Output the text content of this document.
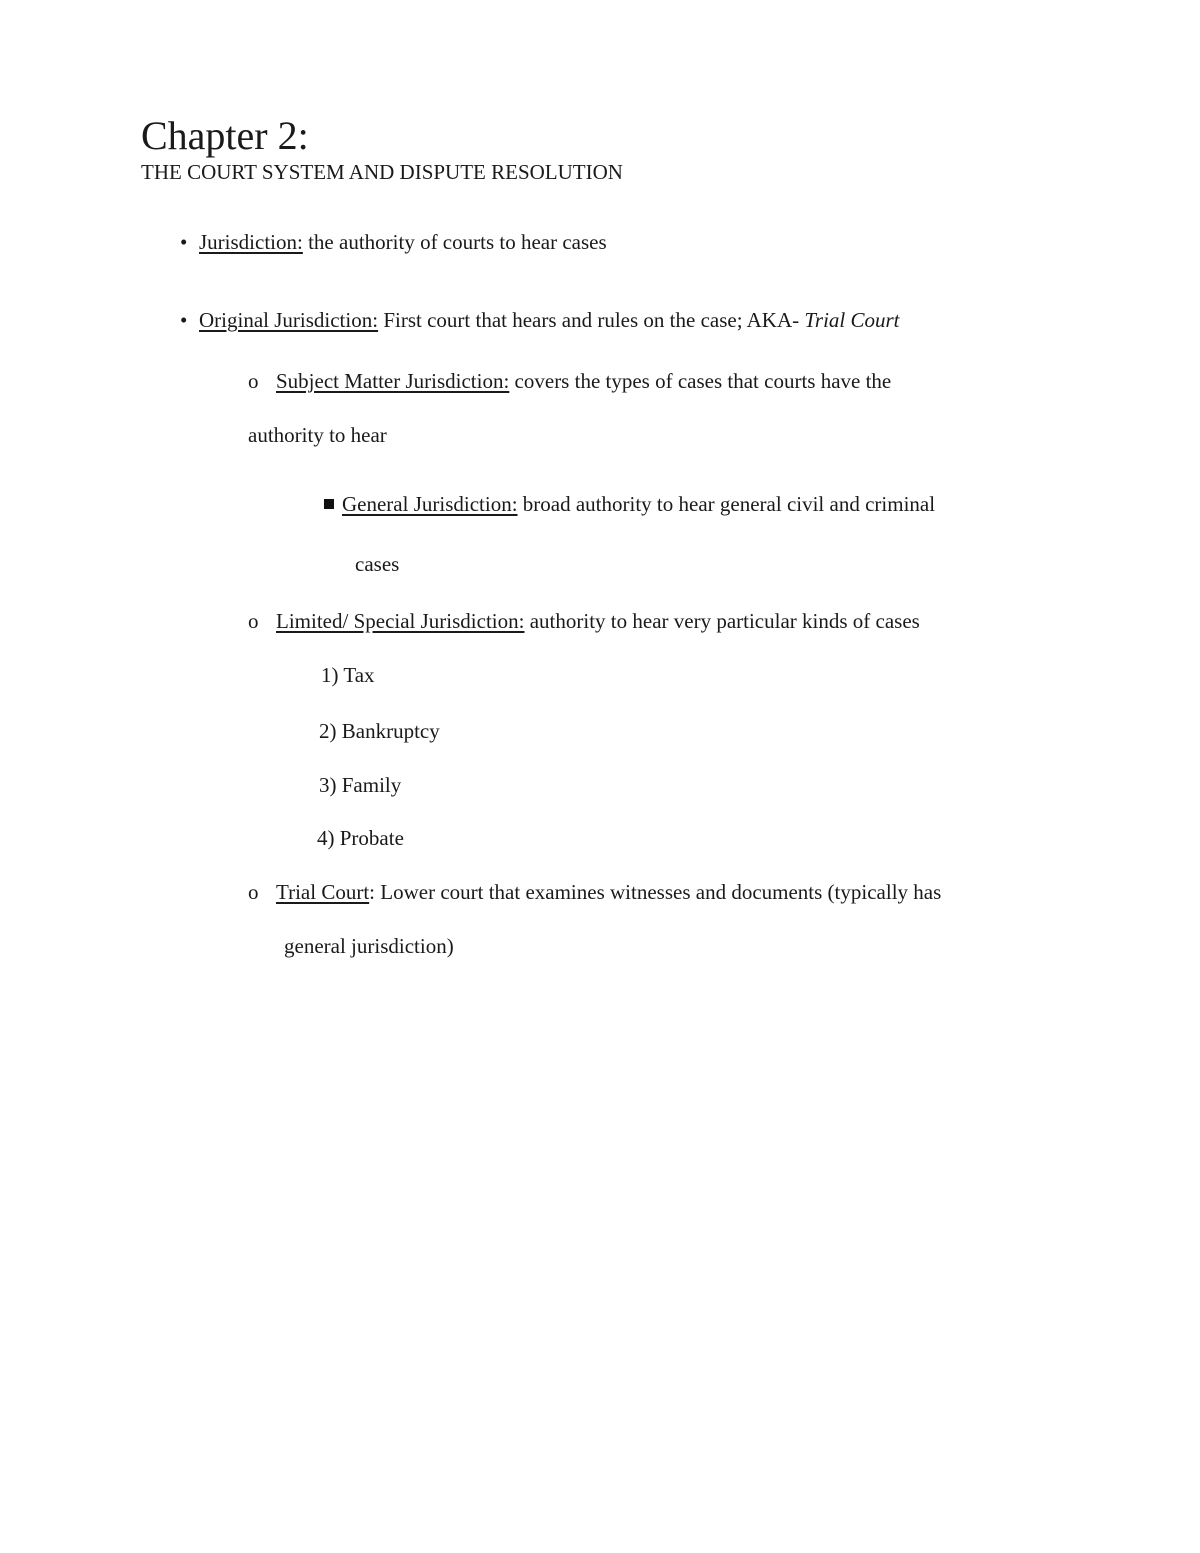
Chapter 2:
THE COURT SYSTEM AND DISPUTE RESOLUTION
• Jurisdiction: the authority of courts to hear cases
• Original Jurisdiction: First court that hears and rules on the case; AKA- Trial Court
o Subject Matter Jurisdiction: covers the types of cases that courts have the
authority to hear
General Jurisdiction: broad authority to hear general civil and criminal
cases
o Limited/ Special Jurisdiction: authority to hear very particular kinds of cases
1) Tax
2) Bankruptcy
3) Family
4) Probate
o Trial Court: Lower court that examines witnesses and documents (typically has
general jurisdiction)
